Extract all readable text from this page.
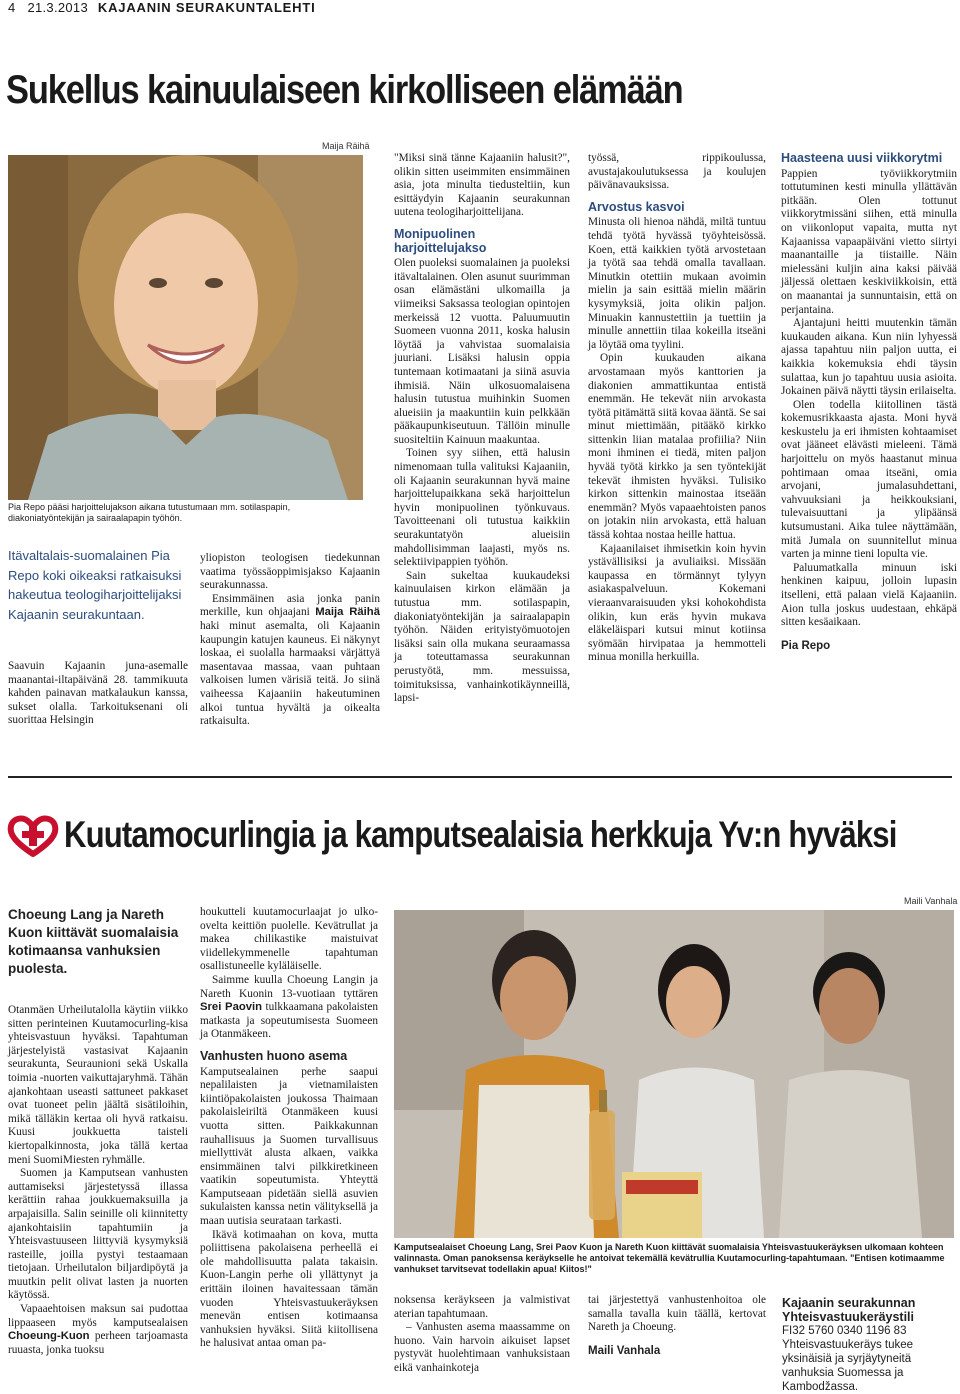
4 21.3.2013 KAJAANIN SEURAKUNTALEHTI
Sukellus kainuulaiseen kirkolliseen elämään
Maija Räihä
Pia Repo pääsi harjoittelujakson aikana tutustumaan mm. sotilaspapin, diakoniatyöntekijän ja sairaalapapin työhön.
Itävaltalais-suomalainen Pia Repo koki oikeaksi ratkaisuksi hakeutua teologiharjoittelijaksi Kajaanin seurakuntaan.

Saavuin Kajaanin juna-asemalle maanantai-iltapäivänä 28. tammikuuta kahden painavan matkalaukun kanssa, sukset olalla. Tarkoituksenani oli suorittaa Helsingin

yliopiston teologisen tiedekunnan vaatima työssäoppimisjakso Kajaanin seurakunnassa.

Ensimmäinen asia jonka panin merkille, kun ohjaajani Maija Räihä haki minut asemalta, oli Kajaanin kaupungin katujen kauneus. Ei näkynyt loskaa, ei suolalla harmaaksi värjättyä masentavaa massaa, vaan puhtaan valkoisen lumen värisiä teitä. Jo siinä vaiheessa Kajaaniin hakeutuminen alkoi tuntua hyvältä ja oikealta ratkaisulta.

"Miksi sinä tänne Kajaaniin halusit?", olikin sitten useimmiten ensimmäinen asia, jota minulta tiedusteltiin, kun esittäydyin Kajaanin seurakunnan uutena teologiharjoittelijana.

Monipuolinen harjoittelujakso

Olen puoleksi suomalainen ja puoleksi itävaltalainen. Olen asunut suurimman osan elämästäni ulkomailla ja viimeiksi Saksassa teologian opintojen merkeissä 12 vuotta. Paluumuutin Suomeen vuonna 2011, koska halusin löytää ja vahvistaa suomalaisia juuriani. Lisäksi halusin oppia tuntemaan kotimaatani ja siinä asuvia ihmisiä. Näin ulkosuomalaisena halusin tutustua muihinkin Suomen alueisiin ja maakuntiin kuin pelkkään pääkaupunkiseutuun. Tällöin minulle suositeltiin Kainuun maakuntaa.

Toinen syy siihen, että halusin nimenomaan tulla valituksi Kajaaniin, oli Kajaanin seurakunnan hyvä maine harjoittelupaikkana sekä harjoittelun hyvin monipuolinen työnkuvaus. Tavoitteenani oli tutustua kaikkiin seurakuntatyön alueisiin mahdollisimman laajasti, myös ns. selektiivipappien työhön.

Sain sukeltaa kuukaudeksi kainuulaisen kirkon elämään ja tutustua mm. sotilaspapin, diakoniatyöntekijän ja sairaalapapin työhön. Näiden erityistyömuotojen lisäksi sain olla mukana seuraamassa ja toteuttamassa seurakunnan perustyötä, mm. messuissa, toimituksissa, vanhainkotikäynneillä, lapsi-

työssä, rippikoulussa, avustajakoulutuksessa ja koulujen päivänavauksissa.

Arvostus kasvoi

Minusta oli hienoa nähdä, miltä tuntuu tehdä työtä hyvässä työyhteisössä. Koen, että kaikkien työtä arvostetaan ja työtä saa tehdä omalla tavallaan. Minutkin otettiin mukaan avoimin mielin ja sain esittää mielin määrin kysymyksiä, joita olikin paljon. Minuakin kannustettiin ja tuettiin ja minulle annettiin tilaa kokeilla itseäni ja löytää oma tyylini.

Opin kuukauden aikana arvostamaan myös kanttorien ja diakonien ammattikuntaa entistä enemmän. He tekevät niin arvokasta työtä pitämättä siitä kovaa ääntä. Se sai minut miettimään, pitääkö kirkko sittenkin liian matalaa profiilia? Niin moni ihminen ei tiedä, miten paljon hyvää työtä kirkko ja sen työntekijät tekevät ihmisten hyväksi. Tulisiko kirkon sittenkin mainostaa itseään enemmän? Myös vapaaehtoisten panos on jotakin niin arvokasta, että haluan tässä kohtaa nostaa heille hattua.

Kajaanilaiset ihmisetkin koin hyvin ystävällisiksi ja avuliaiksi. Missään kaupassa en törmännyt tylyyn asiakaspalveluun. Kokemani vieraanvaraisuuden yksi kohokohdista olikin, kun eräs hyvin mukava eläkeläispari kutsui minut kotiinsa syömään hirvipataa ja hemmotteli minua monilla herkuilla.

Haasteena uusi viikkorytmi

Pappien työviikkorytmiin tottutuminen kesti minulla yllättävän pitkään. Olen tottunut viikkorytmissäni siihen, että minulla on viikonloput vapaita, mutta nyt Kajaanissa vapaapäiväni vietto siirtyi maanantaille ja tiistaille. Näin mielessäni kuljin aina kaksi päivää jäljessä olettaen keskiviikkoisin, että on maanantai ja sunnuntaisin, että on perjantaina.

Ajantajuni heitti muutenkin tämän kuukauden aikana. Kun niin lyhyessä ajassa tapahtuu niin paljon uutta, ei kaikkia kokemuksia ehdi täysin sulattaa, kun jo tapahtuu uusia asioita. Jokainen päivä näytti täysin erilaiselta.

Olen todella kiitollinen tästä kokemusrikkaasta ajasta. Moni hyvä keskustelu ja eri ihmisten kohtaamiset ovat jääneet elävästi mieleeni. Tämä harjoittelu on myös haastanut minua pohtimaan omaa itseäni, omia arvojani, jumalasuhdettani, vahvuuksiani ja heikkouksiani, tulevaisuuttani ja ylipäänsä kutsumustani. Aika tulee näyttämään, mitä Jumala on suunnitellut minua varten ja minne tieni lopulta vie.

Paluumatkalla minuun iski henkinen kaipuu, jolloin lupasin itselleni, että palaan vielä Kajaaniin. Aion tulla joskus uudestaan, ehkäpä sitten kesäaikaan.

Pia Repo

Kuutamocurlingia ja kamputsealaisia herkkuja Yv:n hyväksi
Choeung Lang ja Nareth Kuon kiittävät suomalaisia kotimaansa vanhuksien puolesta.

Otanmäen Urheilutalolla käytiin viikko sitten perinteinen Kuutamocurling-kisa yhteisvastuun hyväksi. Tapahtuman järjestelyistä vastasivat Kajaanin seurakunta, Seuraunioni sekä Uskalla toimia -nuorten vaikuttajaryhmä. Tähän ajankohtaan useasti sattuneet pakkaset ovat tuoneet pelin jäältä sisätiloihin, mikä tälläkin kertaa oli hyvä ratkaisu. Kuusi joukkuetta taisteli kiertopalkinnosta, joka tällä kertaa meni SuomiMiesten ryhmälle.

Suomen ja Kamputsean vanhusten auttamiseksi järjestetyssä illassa kerättiin rahaa joukkuemaksuilla ja arpajaisilla. Salin seinille oli kiinnitetty ajankohtaisiin tapahtumiin ja Yhteisvastuuseen liittyviä kysymyksiä rasteille, joilla pystyi testaamaan tietojaan. Urheilutalon biljardipöytä ja muutkin pelit olivat lasten ja nuorten käytössä.

Vapaaehtoisen maksun sai pudottaa lippaaseen myös kamputsealaisen Choeung-Kuon perheen tarjoamasta ruuasta, jonka tuoksu

houkutteli kuutamocurlaajat jo ulko-ovelta keittiön puolelle. Kevätrullat ja makea chilikastike maistuivat viidellekymmenelle tapahtuman osallistuneelle kyläläiselle.

Saimme kuulla Choeung Langin ja Nareth Kuonin 13-vuotiaan tyttären Srei Paovin tulkkaamana pakolaisten matkasta ja sopeutumisesta Suomeen ja Otanmäkeen.

Vanhusten huono asema

Kamputsealainen perhe saapui nepalilaisten ja vietnamilaisten kiintiöpakolaisten joukossa Thaimaan pakolaisleiriltä Otanmäkeen kuusi vuotta sitten. Paikkakunnan rauhallisuus ja Suomen turvallisuus miellyttivät alusta alkaen, vaikka ensimmäinen talvi pilkkiretkineen vaatikin sopeutumista. Yhteyttä Kamputseaan pidetään siellä asuvien sukulaisten kanssa netin välityksellä ja maan uutisia seurataan tarkasti.

Ikävä kotimaahan on kova, mutta poliittisena pakolaisena perheellä ei ole mahdollisuutta palata takaisin. Kuon-Langin perhe oli yllättynyt ja erittäin iloinen havaitessaan tämän vuoden Yhteisvastuukeräyksen menevän entisen kotimaansa vanhuksien hyväksi. Siitä kiitollisena he halusivat antaa oman pa-

Maili Vanhala
Kamputsealaiset Choeung Lang, Srei Paov Kuon ja Nareth Kuon kiittävät suomalaisia Yhteisvastuukeräyksen ulkomaan kohteen valinnasta. Oman panoksensa keräykselle he antoivat tekemällä kevätrullia Kuutamocurling-tapahtumaan. "Entisen kotimaamme vanhukset tarvitsevat todellakin apua! Kiitos!"

noksensa keräykseen ja valmistivat aterian tapahtumaan.

– Vanhusten asema maassamme on huono. Vain harvoin aikuiset lapset pystyvät huolehtimaan vanhuksistaan eikä vanhainkoteja

tai järjestettyä vanhustenhoitoa ole samalla tavalla kuin täällä, kertovat Nareth ja Choeung.

Maili Vanhala

Kajaanin seurakunnan Yhteisvastuukeräystili
FI32 5760 0340 1196 83
Yhteisvastuukeräys tukee yksinäisiä ja syrjäytyneitä vanhuksia Suomessa ja Kambodžassa.
